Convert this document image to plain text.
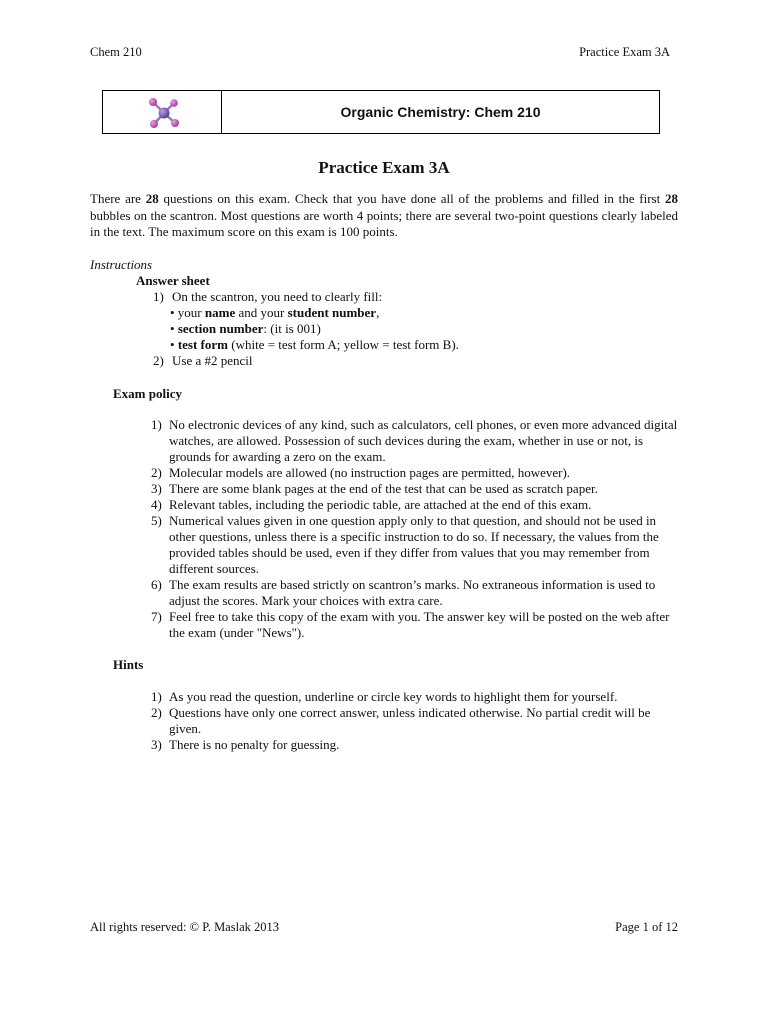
Chem 210	Practice Exam 3A
Organic Chemistry: Chem 210
Practice Exam 3A
There are 28 questions on this exam. Check that you have done all of the problems and filled in the first 28 bubbles on the scantron. Most questions are worth 4 points; there are several two-point questions clearly labeled in the text. The maximum score on this exam is 100 points.
Instructions
Answer sheet
1) On the scantron, you need to clearly fill:
• your name and your student number,
• section number: (it is 001)
• test form (white = test form A; yellow = test form B).
2) Use a #2 pencil
Exam policy
1) No electronic devices of any kind, such as calculators, cell phones, or even more advanced digital watches, are allowed. Possession of such devices during the exam, whether in use or not, is grounds for awarding a zero on the exam.
2) Molecular models are allowed (no instruction pages are permitted, however).
3) There are some blank pages at the end of the test that can be used as scratch paper.
4) Relevant tables, including the periodic table, are attached at the end of this exam.
5) Numerical values given in one question apply only to that question, and should not be used in other questions, unless there is a specific instruction to do so. If necessary, the values from the provided tables should be used, even if they differ from values that you may remember from different sources.
6) The exam results are based strictly on scantron’s marks. No extraneous information is used to adjust the scores. Mark your choices with extra care.
7) Feel free to take this copy of the exam with you. The answer key will be posted on the web after the exam (under "News").
Hints
1) As you read the question, underline or circle key words to highlight them for yourself.
2) Questions have only one correct answer, unless indicated otherwise. No partial credit will be given.
3) There is no penalty for guessing.
All rights reserved: © P. Maslak 2013	Page 1 of 12
